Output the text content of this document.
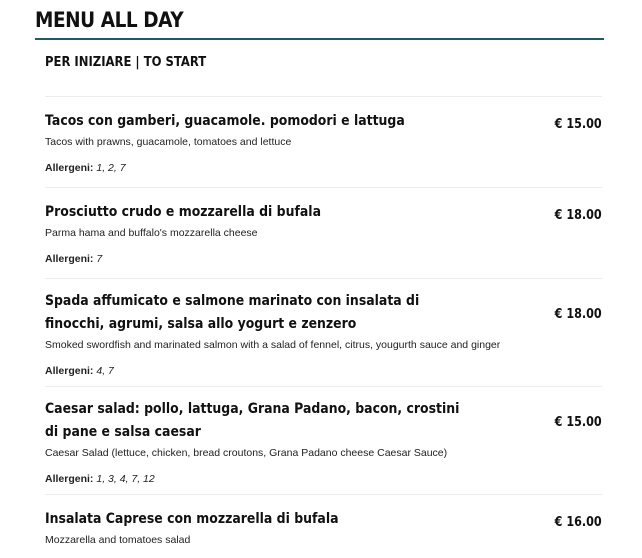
MENU ALL DAY
PER INIZIARE | TO START
Tacos con gamberi, guacamole. pomodori e lattuga
Tacos with prawns, guacamole, tomatoes and lettuce
Allergeni: 1, 2, 7
€ 15.00
Prosciutto crudo e mozzarella di bufala
Parma hama and buffalo's mozzarella cheese
Allergeni: 7
€ 18.00
Spada affumicato e salmone marinato con insalata di finocchi, agrumi, salsa allo yogurt e zenzero
Smoked swordfish and marinated salmon with a salad of fennel, citrus, yougurth sauce and ginger
Allergeni: 4, 7
€ 18.00
Caesar salad: pollo, lattuga, Grana Padano, bacon, crostini di pane e salsa caesar
Caesar Salad (lettuce, chicken, bread croutons, Grana Padano cheese Caesar Sauce)
Allergeni: 1, 3, 4, 7, 12
€ 15.00
Insalata Caprese con mozzarella di bufala
Mozzarella and tomatoes salad
€ 16.00
